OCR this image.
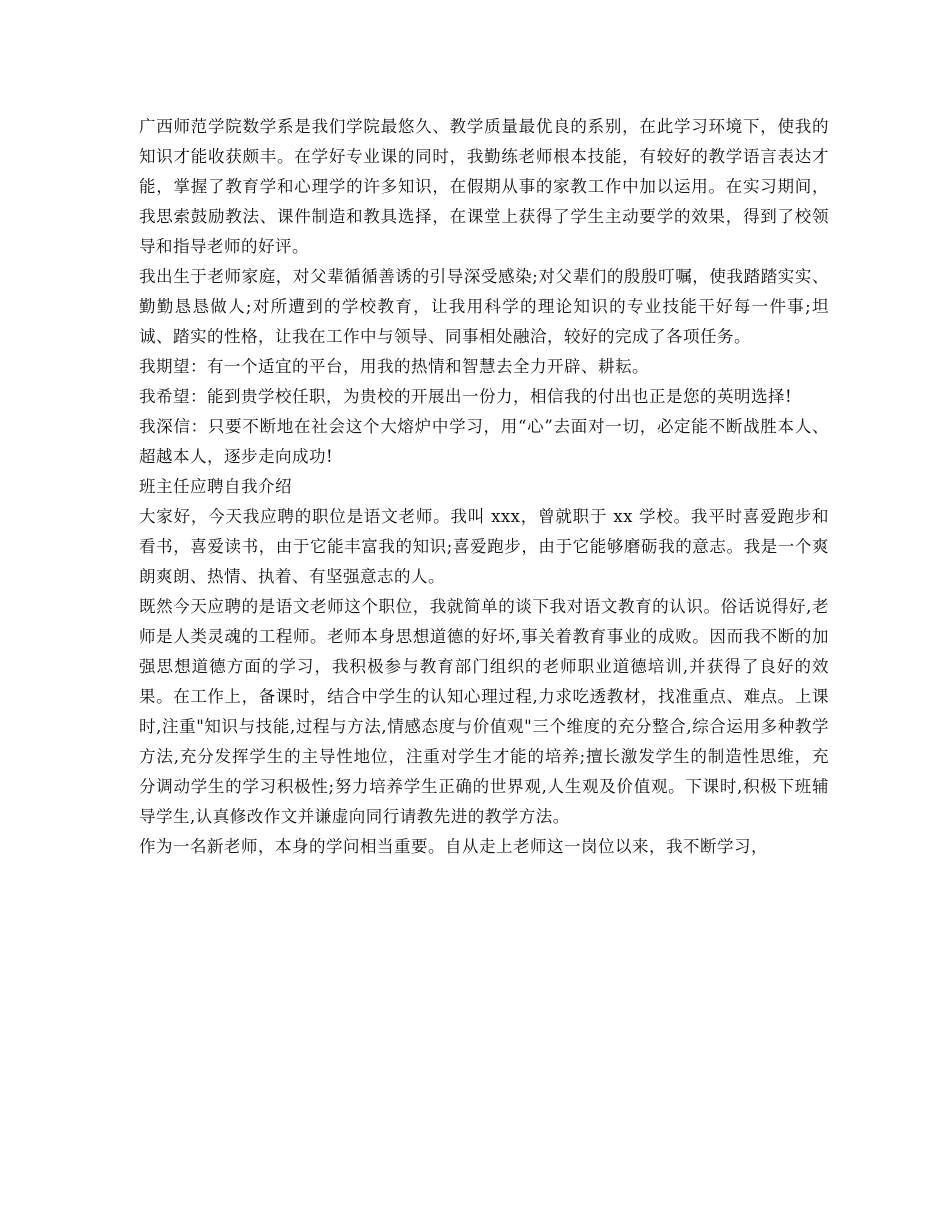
广西师范学院数学系是我们学院最悠久、教学质量最优良的系别，在此学习环境下，使我的知识才能收获颇丰。在学好专业课的同时，我勤练老师根本技能，有较好的教学语言表达才能，掌握了教育学和心理学的许多知识，在假期从事的家教工作中加以运用。在实习期间，我思索鼓励教法、课件制造和教具选择，在课堂上获得了学生主动要学的效果，得到了校领导和指导老师的好评。

我出生于老师家庭，对父辈循循善诱的引导深受感染;对父辈们的殷殷叮嘱，使我踏踏实实、勤勤恳恳做人;对所遭到的学校教育，让我用科学的理论知识的专业技能干好每一件事;坦诚、踏实的性格，让我在工作中与领导、同事相处融洽，较好的完成了各项任务。

我期望：有一个适宜的平台，用我的热情和智慧去全力开辟、耕耘。

我希望：能到贵学校任职，为贵校的开展出一份力，相信我的付出也正是您的英明选择!

我深信：只要不断地在社会这个大熔炉中学习，用“心”去面对一切，必定能不断战胜本人、超越本人，逐步走向成功!

班主任应聘自我介绍

大家好，今天我应聘的职位是语文老师。我叫 xxx，曾就职于 xx 学校。我平时喜爱跑步和看书，喜爱读书，由于它能丰富我的知识;喜爱跑步，由于它能够磨砺我的意志。我是一个爽朗爽朗、热情、执着、有坚强意志的人。

既然今天应聘的是语文老师这个职位，我就简单的谈下我对语文教育的认识。俗话说得好,老师是人类灵魂的工程师。老师本身思想道德的好坏,事关着教育事业的成败。因而我不断的加强思想道德方面的学习，我积极参与教育部门组织的老师职业道德培训,并获得了良好的效果。在工作上，备课时，结合中学生的认知心理过程,力求吃透教材，找准重点、难点。上课时,注重"知识与技能,过程与方法,情感态度与价值观"三个维度的充分整合,综合运用多种教学方法,充分发挥学生的主导性地位，注重对学生才能的培养;擅长激发学生的制造性思维，充分调动学生的学习积极性;努力培养学生正确的世界观,人生观及价值观。下课时,积极下班辅导学生,认真修改作文并谦虚向同行请教先进的教学方法。

作为一名新老师，本身的学问相当重要。自从走上老师这一岗位以来，我不断学习，
